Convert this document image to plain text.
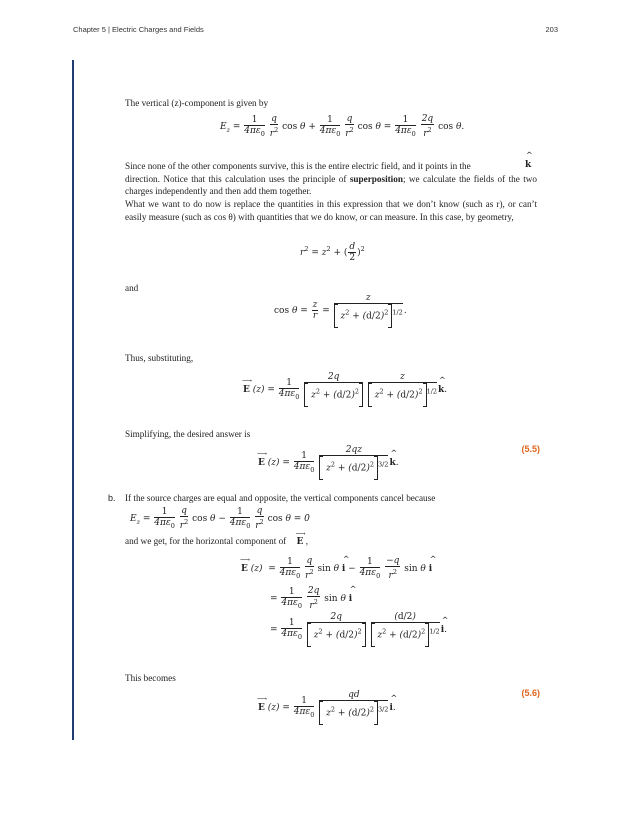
Chapter 5 | Electric Charges and Fields	203
The vertical (z)-component is given by
$E_z = \frac{1}{4\pi\varepsilon_0}$
$\frac{q}{r^2}$ $\cos \theta + \frac{1}{4\pi\varepsilon_0}$
$\frac{q}{r^2}$ $\cos \theta = \frac{1}{4\pi\varepsilon_0}$
$\frac{2q}{r^2}$ cos θ.
Since none of the other components survive, this is the entire electric field, and it points in the	^ k
direction. Notice that this calculation uses the principle of superposition; we calculate the fields of the two charges independently and then add them together.
What we want to do now is replace the quantities in this expression that we don’t know (such as r), or can’t easily measure (such as cos θ) with quantities that we do know, or can measure. In this case, by geometry,
$r^2 = z^2$ + ( $\frac{d}{2} )^2$
and
$\cos \theta = \frac{z}{r} = \frac{z}{z^2 + (d/2)^2 ^{1/2}}$ .
Thus, substituting,
⟶ E $(z) = \frac{1}{4\pi\varepsilon_0}$
$\frac{2q}{z^2 + (d/2)^2}$
$\frac{z}{z^2 + (d/2)^2 ^{1/2}}$ ^ k.
Simplifying, the desired answer is
⟶ E $(z) = \frac{1}{4\pi\varepsilon_0}$
$\frac{2qz}{z^2 + (d/2)^2 ^{3/2}}$ ^ k.
(5.5)
b. If the source charges are equal and opposite, the vertical components cancel because
$E_z = \frac{1}{4\pi\varepsilon_0}$
$\frac{q}{r^2}$ $\cos \theta - \frac{1}{4\pi\varepsilon_0}$
$\frac{q}{r^2}$ cos θ = 0
and we get, for the horizontal component of ⟶ E ,
⟶ E $(z) = \frac{1}{4\pi\varepsilon_0}$
$\frac{q}{r^2}$ sin θ ^ $i - \frac{1}{4\pi\varepsilon_0}$
$\frac{-q}{r^2}$ sin θ ^ i
= $\frac{1}{4\pi\varepsilon_0}$
$\frac{2q}{r^2}$ sin θ ^ i
= $\frac{1}{4\pi\varepsilon_0}$
$\frac{2q}{z^2 + (d/2)^2}$
$\frac{(d/2)}{z^2 + (d/2)^2 ^{1/2}}$ ^ i.
This becomes
⟶ E $(z) = \frac{1}{4\pi\varepsilon_0}$
$\frac{qd}{z^2 + (d/2)^2 ^{3/2}}$ ^ i.
(5.6)
